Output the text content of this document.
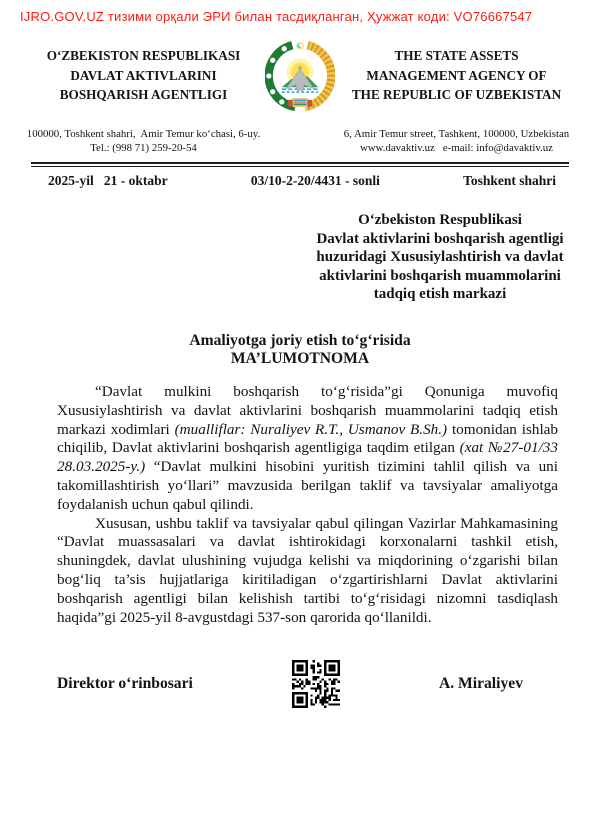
IJRO.GOV.UZ тизими орқали ЭРИ билан тасдиқланган, Ҳужжат коди: VO76667547
O‘ZBEKISTON RESPUBLIKASI
DAVLAT AKTIVLARINI
BOSHQARISH AGENTLIGI
100000, Toshkent shahri,  Amir Temur ko‘chasi, 6-uy.
Tel.: (998 71) 259-20-54
THE STATE ASSETS
MANAGEMENT AGENCY OF
THE REPUBLIC OF UZBEKISTAN
6, Amir Temur street, Tashkent, 100000, Uzbekistan
www.davaktiv.uz   e-mail: info@davaktiv.uz
2025-yil   21 - oktabr	03/10-2-20/4431 - sonli	Toshkent shahri
O‘zbekiston Respublikasi
Davlat aktivlarini boshqarish agentligi
huzuridagi Xususiylashtirish va davlat
aktivlarini boshqarish muammolarini
tadqiq etish markazi
Amaliyotga joriy etish to‘g‘risida
MA’LUMOTNOMA

“Davlat mulkini boshqarish to‘g‘risida”gi Qonuniga muvofiq Xususiylashtirish va davlat aktivlarini boshqarish muammolarini tadqiq etish markazi xodimlari (mualliflar: Nuraliyev R.T., Usmanov B.Sh.) tomonidan ishlab chiqilib, Davlat aktivlarini boshqarish agentligiga taqdim etilgan (xat №27-01/33 28.03.2025-y.) “Davlat mulkini hisobini yuritish tizimini tahlil qilish va uni takomillashtirish yo‘llari” mavzusida berilgan taklif va tavsiyalar amaliyotga foydalanish uchun qabul qilindi.

Xususan, ushbu taklif va tavsiyalar qabul qilingan Vazirlar Mahkamasining “Davlat muassasalari va davlat ishtirokidagi korxonalarni tashkil etish, shuningdek, davlat ulushining vujudga kelishi va miqdorining o‘zgarishi bilan bog‘liq ta’sis hujjatlariga kiritiladigan o‘zgartirishlarni Davlat aktivlarini boshqarish agentligi bilan kelishish tartibi to‘g‘risidagi nizomni tasdiqlash haqida”gi 2025-yil 8-avgustdagi 537-son qarorida qo‘llanildi.

Direktor o‘rinbosari	A. Miraliyev
